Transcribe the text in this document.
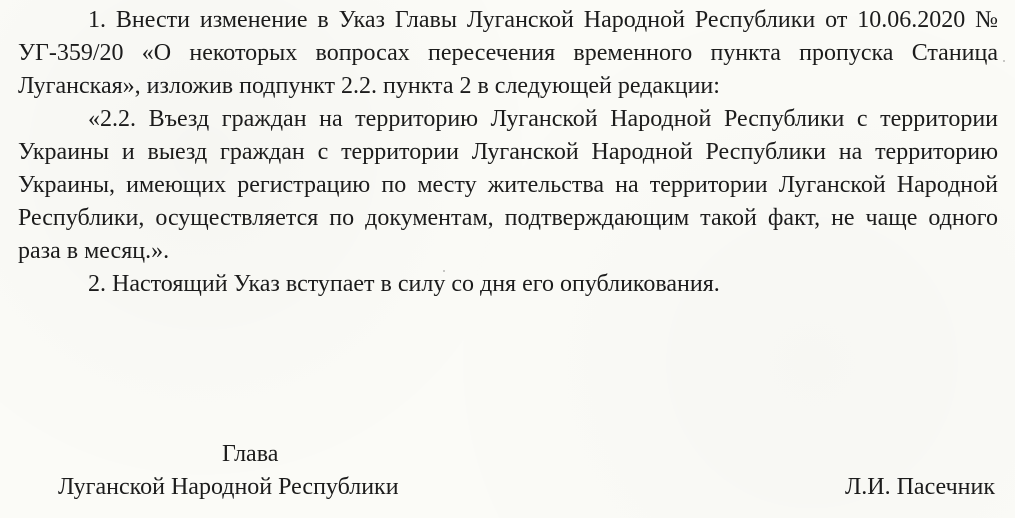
1. Внести изменение в Указ Главы Луганской Народной Республики от 10.06.2020 № УГ-359/20 «О некоторых вопросах пересечения временного пункта пропуска Станица Луганская», изложив подпункт 2.2. пункта 2 в следующей редакции:

«2.2. Въезд граждан на территорию Луганской Народной Республики с территории Украины и выезд граждан с территории Луганской Народной Республики на территорию Украины, имеющих регистрацию по месту жительства на территории Луганской Народной Республики, осуществляется по документам, подтверждающим такой факт, не чаще одного раза в месяц.».

2. Настоящий Указ вступает в силу со дня его опубликования.

Глава
Луганской Народной Республики	Л.И. Пасечник
